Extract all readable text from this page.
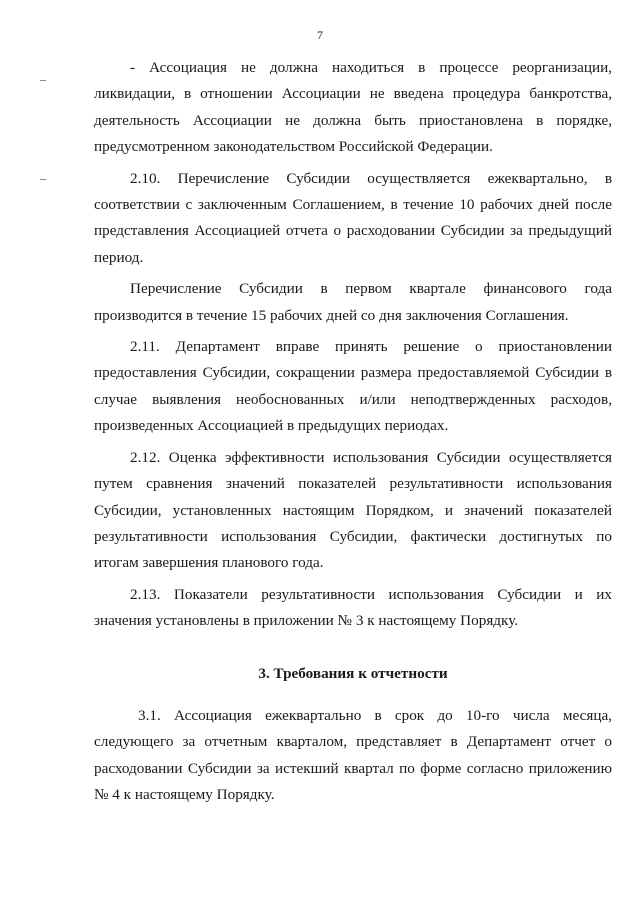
7

- Ассоциация не должна находиться в процессе реорганизации, ликвидации, в отношении Ассоциации не введена процедура банкротства, деятельность Ассоциации не должна быть приостановлена в порядке, предусмотренном законодательством Российской Федерации.

2.10. Перечисление Субсидии осуществляется ежеквартально, в соответствии с заключенным Соглашением, в течение 10 рабочих дней после представления Ассоциацией отчета о расходовании Субсидии за предыдущий период.

Перечисление Субсидии в первом квартале финансового года производится в течение 15 рабочих дней со дня заключения Соглашения.

2.11. Департамент вправе принять решение о приостановлении предоставления Субсидии, сокращении размера предоставляемой Субсидии в случае выявления необоснованных и/или неподтвержденных расходов, произведенных Ассоциацией в предыдущих периодах.

2.12. Оценка эффективности использования Субсидии осуществляется путем сравнения значений показателей результативности использования Субсидии, установленных настоящим Порядком, и значений показателей результативности использования Субсидии, фактически достигнутых по итогам завершения планового года.

2.13. Показатели результативности использования Субсидии и их значения установлены в приложении № 3 к настоящему Порядку.

3. Требования к отчетности

3.1. Ассоциация ежеквартально в срок до 10-го числа месяца, следующего за отчетным кварталом, представляет в Департамент отчет о расходовании Субсидии за истекший квартал по форме согласно приложению № 4 к настоящему Порядку.
